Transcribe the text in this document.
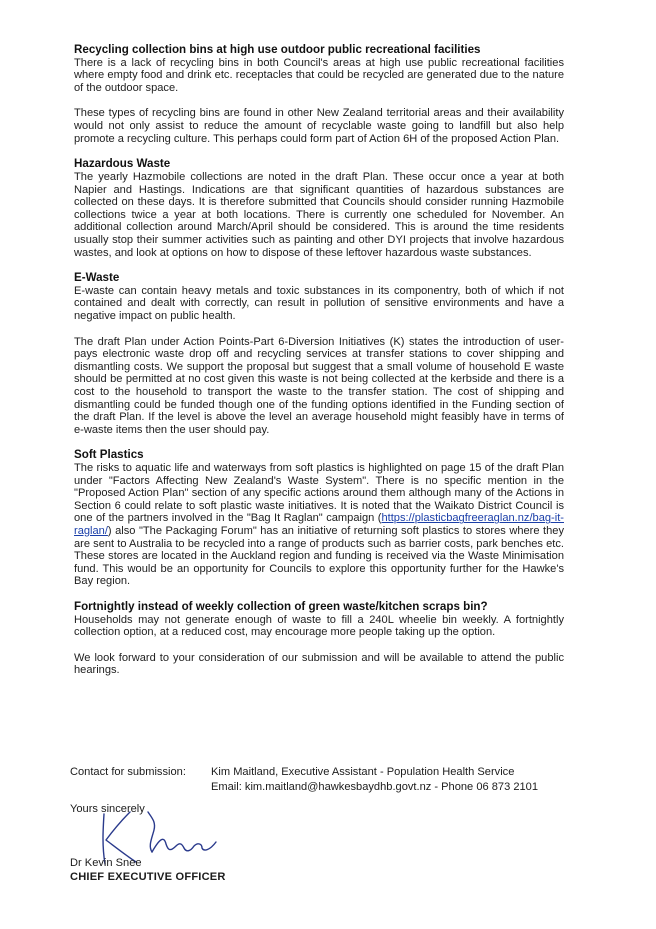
Recycling collection bins at high use outdoor public recreational facilities

There is a lack of recycling bins in both Council's areas at high use public recreational facilities where empty food and drink etc. receptacles that could be recycled are generated due to the nature of the outdoor space.

These types of recycling bins are found in other New Zealand territorial areas and their availability would not only assist to reduce the amount of recyclable waste going to landfill but also help promote a recycling culture. This perhaps could form part of Action 6H of the proposed Action Plan.

Hazardous Waste

The yearly Hazmobile collections are noted in the draft Plan. These occur once a year at both Napier and Hastings. Indications are that significant quantities of hazardous substances are collected on these days. It is therefore submitted that Councils should consider running Hazmobile collections twice a year at both locations. There is currently one scheduled for November. An additional collection around March/April should be considered. This is around the time residents usually stop their summer activities such as painting and other DYI projects that involve hazardous wastes, and look at options on how to dispose of these leftover hazardous waste substances.

E-Waste

E-waste can contain heavy metals and toxic substances in its componentry, both of which if not contained and dealt with correctly, can result in pollution of sensitive environments and have a negative impact on public health.

The draft Plan under Action Points-Part 6-Diversion Initiatives (K) states the introduction of user-pays electronic waste drop off and recycling services at transfer stations to cover shipping and dismantling costs. We support the proposal but suggest that a small volume of household E waste should be permitted at no cost given this waste is not being collected at the kerbside and there is a cost to the household to transport the waste to the transfer station. The cost of shipping and dismantling could be funded though one of the funding options identified in the Funding section of the draft Plan. If the level is above the level an average household might feasibly have in terms of e-waste items then the user should pay.

Soft Plastics

The risks to aquatic life and waterways from soft plastics is highlighted on page 15 of the draft Plan under "Factors Affecting New Zealand's Waste System". There is no specific mention in the "Proposed Action Plan" section of any specific actions around them although many of the Actions in Section 6 could relate to soft plastic waste initiatives. It is noted that the Waikato District Council is one of the partners involved in the "Bag It Raglan" campaign (https://plasticbagfreeraglan.nz/bag-it-raglan/) also "The Packaging Forum" has an initiative of returning soft plastics to stores where they are sent to Australia to be recycled into a range of products such as barrier costs, park benches etc. These stores are located in the Auckland region and funding is received via the Waste Minimisation fund. This would be an opportunity for Councils to explore this opportunity further for the Hawke's Bay region.

Fortnightly instead of weekly collection of green waste/kitchen scraps bin?

Households may not generate enough of waste to fill a 240L wheelie bin weekly. A fortnightly collection option, at a reduced cost, may encourage more people taking up the option.

We look forward to your consideration of our submission and will be available to attend the public hearings.

Contact for submission: Kim Maitland, Executive Assistant - Population Health Service
Email: kim.maitland@hawkesbaydhb.govt.nz - Phone 06 873 2101
Yours sincerely
Dr Kevin Snee
CHIEF EXECUTIVE OFFICER
